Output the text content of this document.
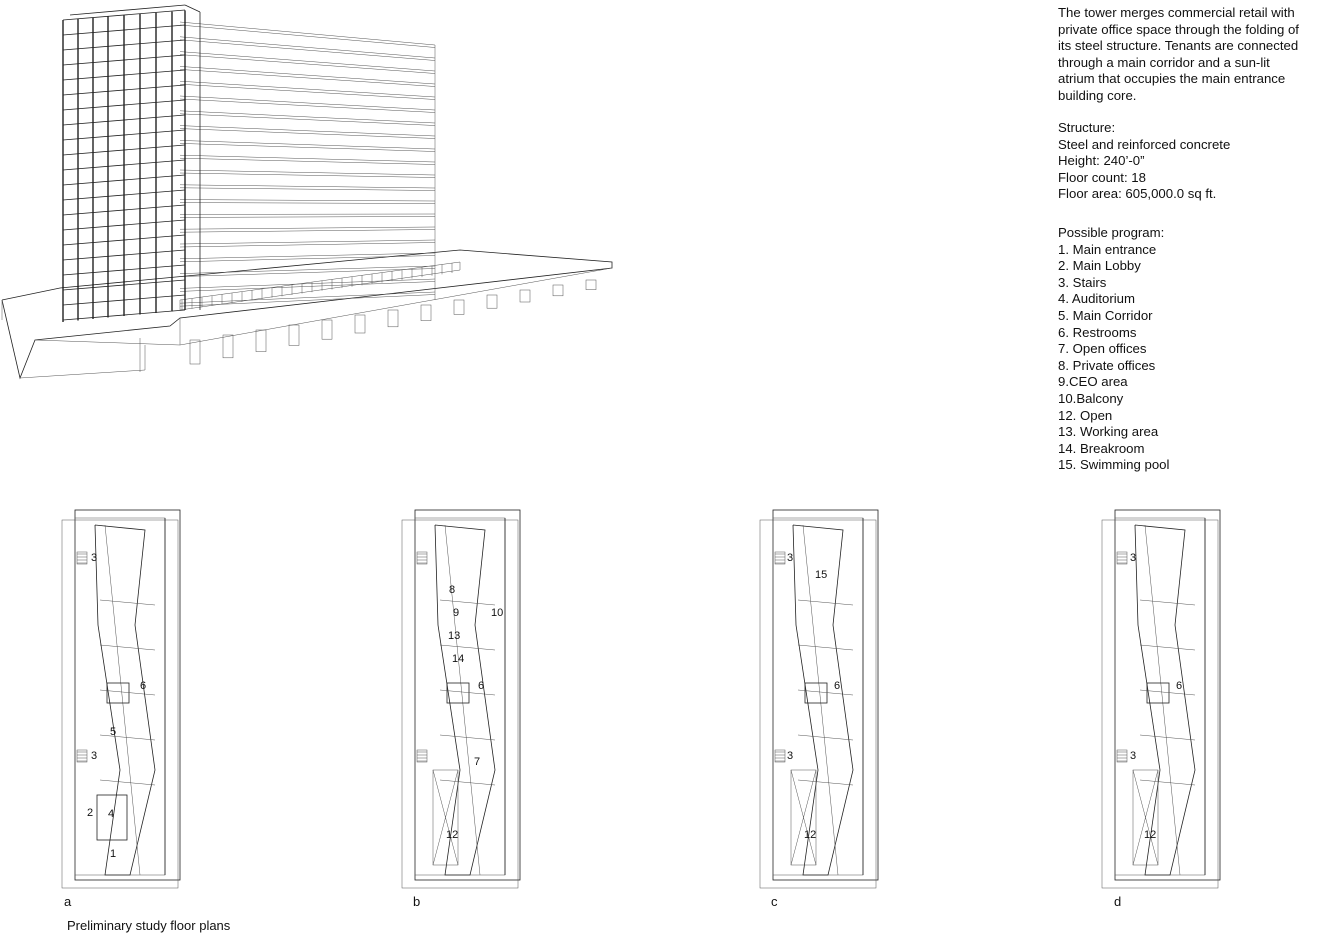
3
6
5
3
2 4
1
8
9	10
13
14
6
7
12
3
15
6
3
12
3
6
3
12

The tower merges commercial retail with private office space through the folding of its steel structure. Tenants are connected through a main corridor and a sun-lit atrium that occupies the main entrance building core.

Structure:
Steel and reinforced concrete
Height: 240’-0”
Floor count: 18
Floor area: 605,000.0 sq ft.
Possible program:
1. Main entrance
2. Main Lobby
3. Stairs
4. Auditorium
5. Main Corridor
6. Restrooms
7. Open offices
8. Private offices
9.CEO area
10.Balcony
12. Open
13. Working area
14. Breakroom
15. Swimming pool
a	b	c	d
Preliminary study floor plans
